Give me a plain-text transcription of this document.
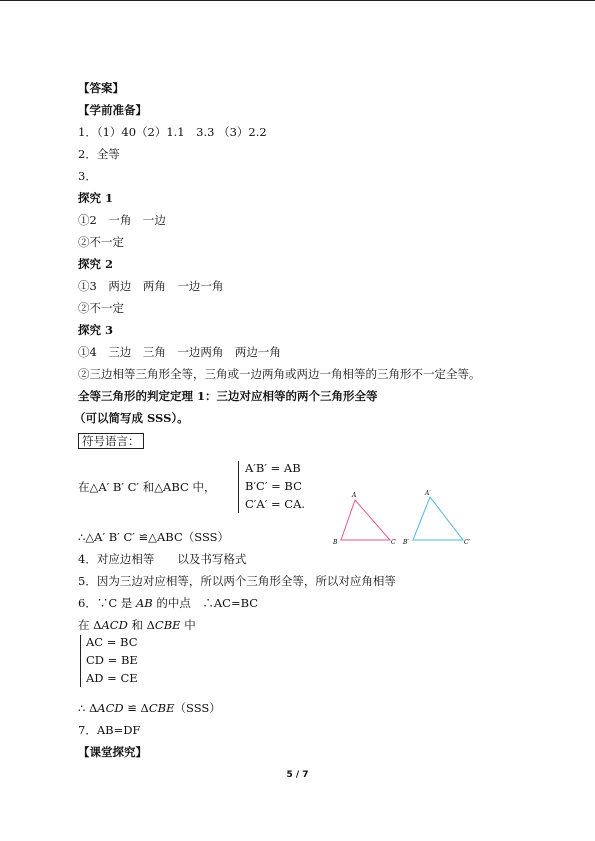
【答案】
【学前准备】
1．（1）40（2）1.1　3.3 （3）2.2
2．全等
3．
探究 1
①2　一角　一边
②不一定
探究 2
①3　两边　两角　一边一角
②不一定
探究 3
①4　三边　三角　一边两角　两边一角
②三边相等三角形全等，三角或一边两角或两边一角相等的三角形不一定全等。
全等三角形的判定定理 1：三边对应相等的两个三角形全等
（可以简写成 SSS）。
符号语言：
在△A′ B′ C′ 和△ABC 中，
A′B′ = AB
B′C′ = BC
C′A′ = CA.
A
B	C
A′
B′	C′
∴△A′ B′ C′ ≌△ABC（SSS）
4．对应边相等　　以及书写格式
5．因为三边对应相等，所以两个三角形全等，所以对应角相等
6．∵C 是 AB 的中点　∴AC=BC
在 ΔACD 和 ΔCBE 中
AC = BC
CD = BE
AD = CE
∴ ΔACD ≌ ΔCBE（SSS）
7．AB=DF
【课堂探究】
5 / 7
